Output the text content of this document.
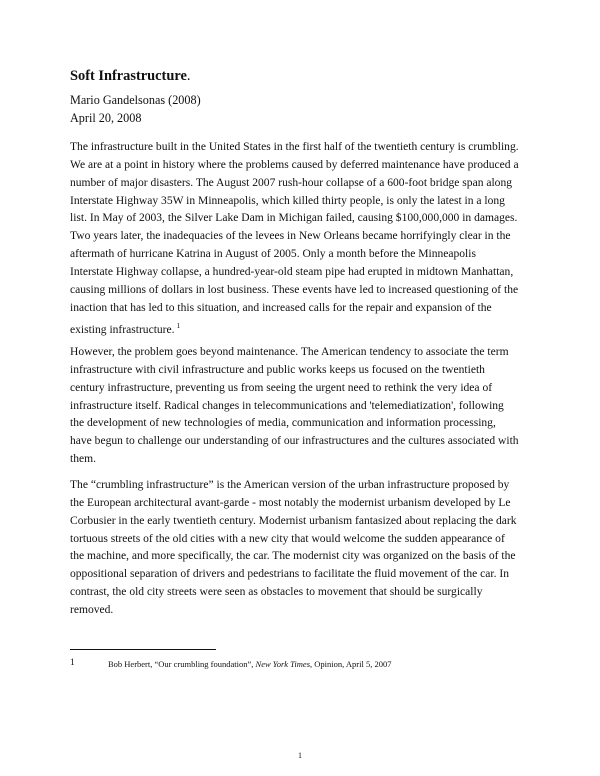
Soft Infrastructure.
Mario Gandelsonas (2008)
April 20, 2008
The infrastructure built in the United States in the first half of the twentieth century is crumbling.
We are at a point in history where the problems caused by deferred maintenance have produced a
number of major disasters. The August 2007 rush-hour collapse of a 600-foot bridge span along
Interstate Highway 35W in Minneapolis, which killed thirty people, is only the latest in a long
list. In May of 2003, the Silver Lake Dam in Michigan failed, causing $100,000,000 in damages.
Two years later, the inadequacies of the levees in New Orleans became horrifyingly clear in the
aftermath of hurricane Katrina in August of 2005. Only a month before the Minneapolis
Interstate Highway collapse, a hundred-year-old steam pipe had erupted in midtown Manhattan,
causing millions of dollars in lost business. These events have led to increased questioning of the
inaction that has led to this situation, and increased calls for the repair and expansion of the
existing infrastructure. $^1$
However, the problem goes beyond maintenance. The American tendency to associate the term
infrastructure with civil infrastructure and public works keeps us focused on the twentieth
century infrastructure, preventing us from seeing the urgent need to rethink the very idea of
infrastructure itself. Radical changes in telecommunications and 'telemediatization', following
the development of new technologies of media, communication and information processing,
have begun to challenge our understanding of our infrastructures and the cultures associated with
them.
The “crumbling infrastructure” is the American version of the urban infrastructure proposed by
the European architectural avant-garde - most notably the modernist urbanism developed by Le
Corbusier in the early twentieth century. Modernist urbanism fantasized about replacing the dark
tortuous streets of the old cities with a new city that would welcome the sudden appearance of
the machine, and more specifically, the car. The modernist city was organized on the basis of the
oppositional separation of drivers and pedestrians to facilitate the fluid movement of the car. In
contrast, the old city streets were seen as obstacles to movement that should be surgically
removed.
1	Bob Herbert, “Our crumbling foundation”, New York Times, Opinion, April 5, 2007
1
